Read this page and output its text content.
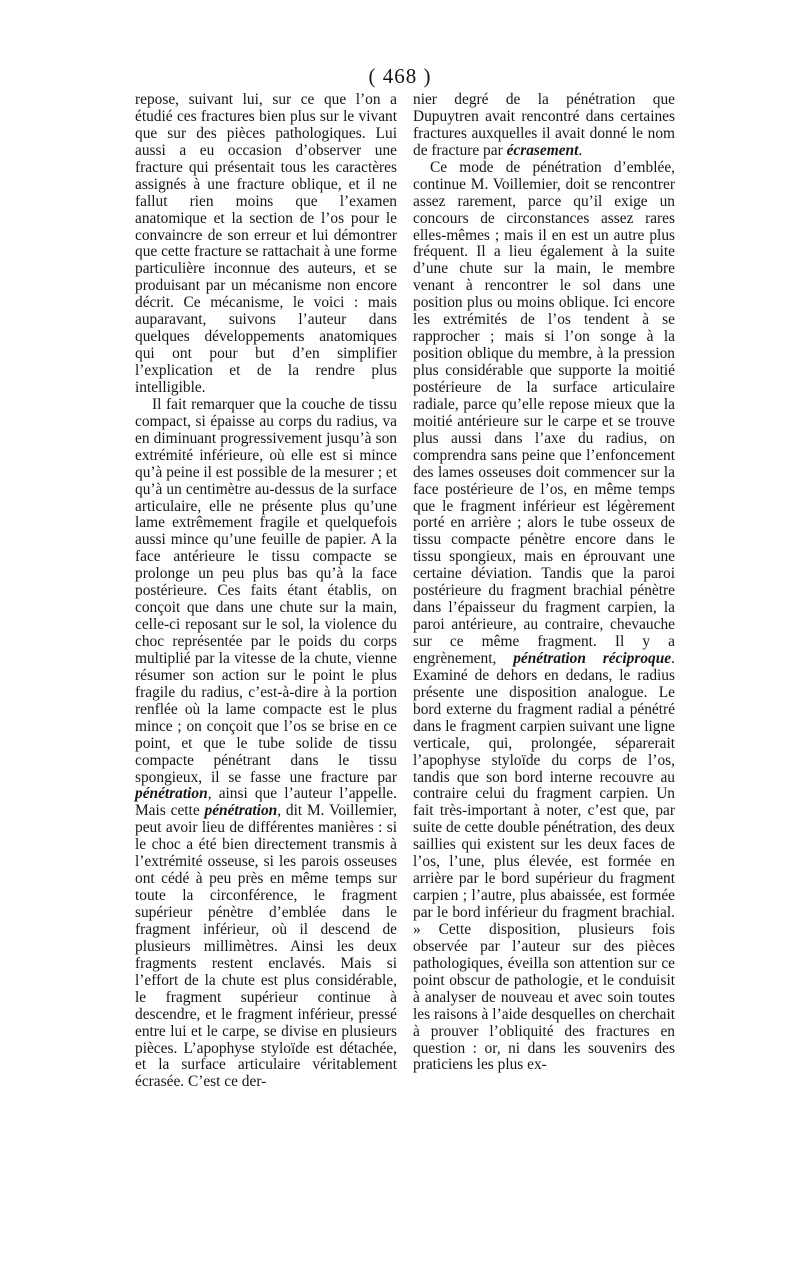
( 468 )

repose, suivant lui, sur ce que l’on a étudié ces fractures bien plus sur le vivant que sur des pièces pathologiques. Lui aussi a eu occasion d’observer une fracture qui présentait tous les caractères assignés à une fracture oblique, et il ne fallut rien moins que l’examen anatomique et la section de l’os pour le convaincre de son erreur et lui démontrer que cette fracture se rattachait à une forme particulière inconnue des auteurs, et se produisant par un mécanisme non encore décrit. Ce mécanisme, le voici : mais auparavant, suivons l’auteur dans quelques développements anatomiques qui ont pour but d’en simplifier l’explication et de la rendre plus intelligible.

Il fait remarquer que la couche de tissu compact, si épaisse au corps du radius, va en diminuant progressivement jusqu’à son extrémité inférieure, où elle est si mince qu’à peine il est possible de la mesurer ; et qu’à un centimètre au-dessus de la surface articulaire, elle ne présente plus qu’une lame extrêmement fragile et quelquefois aussi mince qu’une feuille de papier. A la face antérieure le tissu compacte se prolonge un peu plus bas qu’à la face postérieure. Ces faits étant établis, on conçoit que dans une chute sur la main, celle-ci reposant sur le sol, la violence du choc représentée par le poids du corps multiplié par la vitesse de la chute, vienne résumer son action sur le point le plus fragile du radius, c’est-à-dire à la portion renflée où la lame compacte est le plus mince ; on conçoit que l’os se brise en ce point, et que le tube solide de tissu compacte pénétrant dans le tissu spongieux, il se fasse une fracture par pénétration, ainsi que l’auteur l’appelle. Mais cette pénétration, dit M. Voillemier, peut avoir lieu de différentes manières : si le choc a été bien directement transmis à l’extrémité osseuse, si les parois osseuses ont cédé à peu près en même temps sur toute la circonférence, le fragment supérieur pénètre d’emblée dans le fragment inférieur, où il descend de plusieurs millimètres. Ainsi les deux fragments restent enclavés. Mais si l’effort de la chute est plus considérable, le fragment supérieur continue à descendre, et le fragment inférieur, pressé entre lui et le carpe, se divise en plusieurs pièces. L’apophyse styloïde est détachée, et la surface articulaire véritablement écrasée. C’est ce der-

nier degré de la pénétration que Dupuytren avait rencontré dans certaines fractures auxquelles il avait donné le nom de fracture par écrasement.

Ce mode de pénétration d’emblée, continue M. Voillemier, doit se rencontrer assez rarement, parce qu’il exige un concours de circonstances assez rares elles-mêmes ; mais il en est un autre plus fréquent. Il a lieu également à la suite d’une chute sur la main, le membre venant à rencontrer le sol dans une position plus ou moins oblique. Ici encore les extrémités de l’os tendent à se rapprocher ; mais si l’on songe à la position oblique du membre, à la pression plus considérable que supporte la moitié postérieure de la surface articulaire radiale, parce qu’elle repose mieux que la moitié antérieure sur le carpe et se trouve plus aussi dans l’axe du radius, on comprendra sans peine que l’enfoncement des lames osseuses doit commencer sur la face postérieure de l’os, en même temps que le fragment inférieur est légèrement porté en arrière ; alors le tube osseux de tissu compacte pénètre encore dans le tissu spongieux, mais en éprouvant une certaine déviation. Tandis que la paroi postérieure du fragment brachial pénètre dans l’épaisseur du fragment carpien, la paroi antérieure, au contraire, chevauche sur ce même fragment. Il y a engrènement, pénétration réciproque. Examiné de dehors en dedans, le radius présente une disposition analogue. Le bord externe du fragment radial a pénétré dans le fragment carpien suivant une ligne verticale, qui, prolongée, séparerait l’apophyse styloïde du corps de l’os, tandis que son bord interne recouvre au contraire celui du fragment carpien. Un fait très-important à noter, c’est que, par suite de cette double pénétration, des deux saillies qui existent sur les deux faces de l’os, l’une, plus élevée, est formée en arrière par le bord supérieur du fragment carpien ; l’autre, plus abaissée, est formée par le bord inférieur du fragment brachial. » Cette disposition, plusieurs fois observée par l’auteur sur des pièces pathologiques, éveilla son attention sur ce point obscur de pathologie, et le conduisit à analyser de nouveau et avec soin toutes les raisons à l’aide desquelles on cherchait à prouver l’obliquité des fractures en question : or, ni dans les souvenirs des praticiens les plus ex-
